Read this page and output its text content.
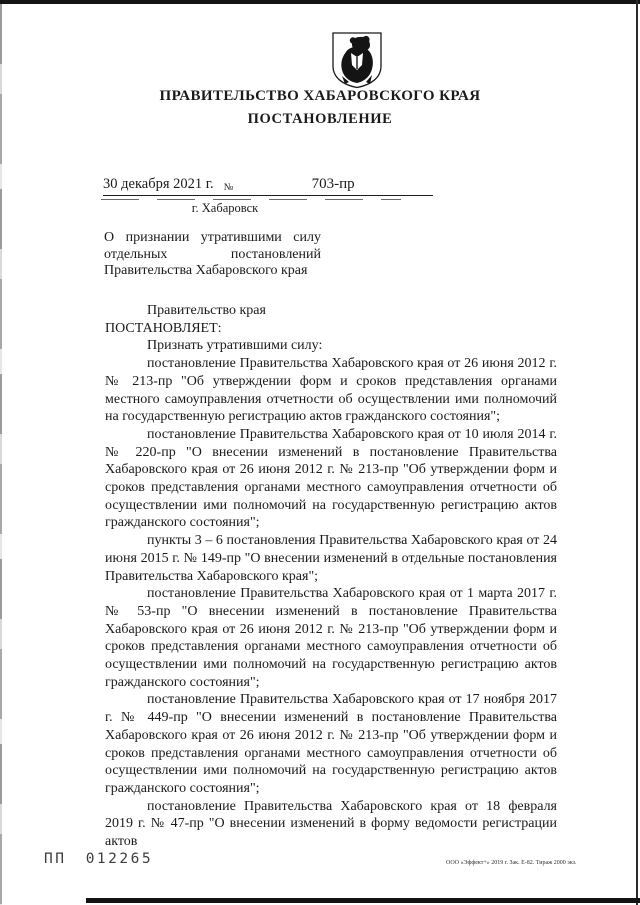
ПРАВИТЕЛЬСТВО ХАБАРОВСКОГО КРАЯ
ПОСТАНОВЛЕНИЕ
30 декабря 2021 г. №	703-пр
г. Хабаровск
О признании утратившими силу
отдельных постановлений
Правительства Хабаровского края

Правительство края

ПОСТАНОВЛЯЕТ:

Признать утратившими силу:

постановление Правительства Хабаровского края от 26 июня 2012 г. № 213-пр "Об утверждении форм и сроков представления органами местного самоуправления отчетности об осуществлении ими полномочий на государственную регистрацию актов гражданского состояния";

постановление Правительства Хабаровского края от 10 июля 2014 г. № 220-пр "О внесении изменений в постановление Правительства Хабаровского края от 26 июня 2012 г. № 213-пр "Об утверждении форм и сроков представления органами местного самоуправления отчетности об осуществлении ими полномочий на государственную регистрацию актов гражданского состояния";

пункты 3 – 6 постановления Правительства Хабаровского края от 24 июня 2015 г. № 149-пр "О внесении изменений в отдельные постановления Правительства Хабаровского края";

постановление Правительства Хабаровского края от 1 марта 2017 г. № 53-пр "О внесении изменений в постановление Правительства Хабаровского края от 26 июня 2012 г. № 213-пр "Об утверждении форм и сроков представления органами местного самоуправления отчетности об осуществлении ими полномочий на государственную регистрацию актов гражданского состояния";

постановление Правительства Хабаровского края от 17 ноября 2017 г. № 449-пр "О внесении изменений в постановление Правительства Хабаровского края от 26 июня 2012 г. № 213-пр "Об утверждении форм и сроков представления органами местного самоуправления отчетности об осуществлении ими полномочий на государственную регистрацию актов гражданского состояния";

постановление Правительства Хабаровского края от 18 февраля 2019 г. № 47-пр "О внесении изменений в форму ведомости регистрации актов

ПП 012265	ООО «Эффект+» 2019 г. Зак. Е-82. Тираж 2000 экз.
